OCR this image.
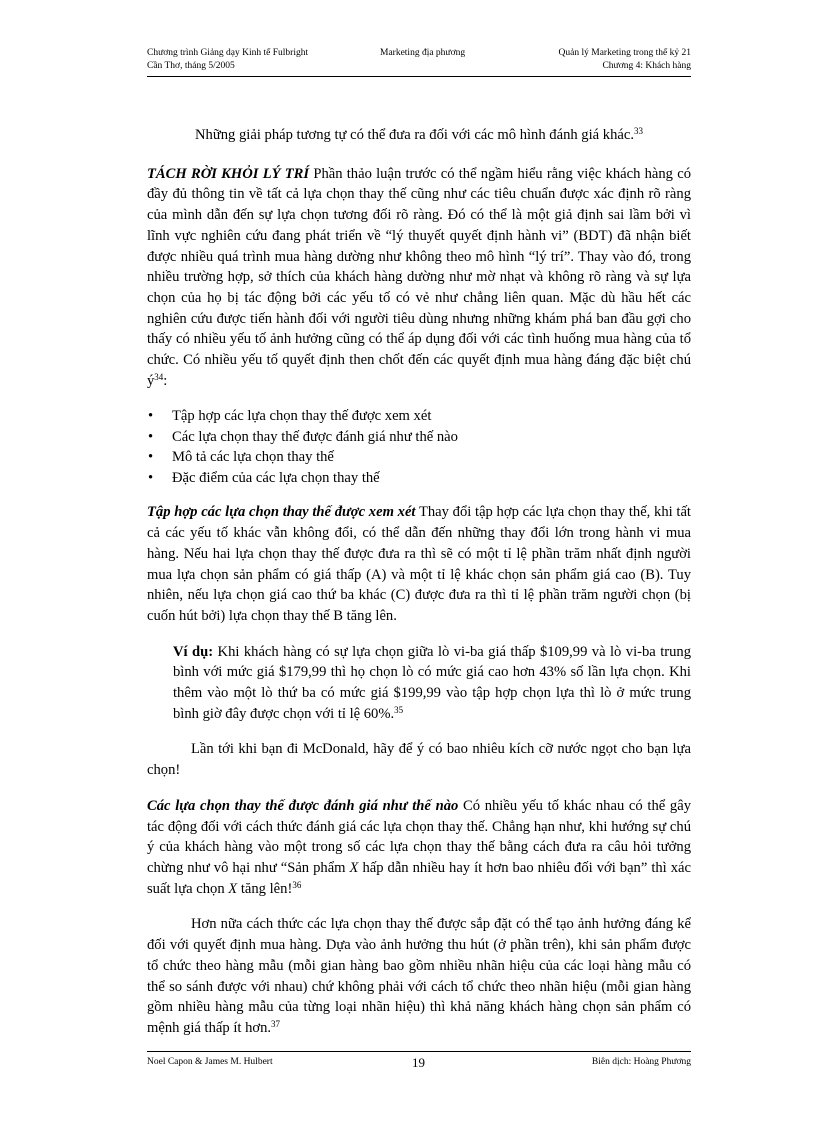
Chương trình Giảng dạy Kinh tế Fulbright
Cần Thơ, tháng 5/2005
Marketing địa phương	Quản lý Marketing trong thế kỷ 21
Chương 4: Khách hàng

Những giải pháp tương tự có thể đưa ra đối với các mô hình đánh giá khác.$^{33}$

TÁCH RỜI KHỎI LÝ TRÍ Phần thảo luận trước có thể ngầm hiểu rằng việc khách hàng có đầy đủ thông tin về tất cả lựa chọn thay thế cũng như các tiêu chuẩn được xác định rõ ràng của mình dẫn đến sự lựa chọn tương đối rõ ràng. Đó có thể là một giả định sai lầm bởi vì lĩnh vực nghiên cứu đang phát triển về “lý thuyết quyết định hành vi” (BDT) đã nhận biết được nhiều quá trình mua hàng dường như không theo mô hình “lý trí”. Thay vào đó, trong nhiều trường hợp, sở thích của khách hàng dường như mờ nhạt và không rõ ràng và sự lựa chọn của họ bị tác động bởi các yếu tố có vẻ như chẳng liên quan. Mặc dù hầu hết các nghiên cứu được tiến hành đối với người tiêu dùng nhưng những khám phá ban đầu gợi cho thấy có nhiều yếu tố ảnh hưởng cũng có thể áp dụng đối với các tình huống mua hàng của tổ chức. Có nhiều yếu tố quyết định then chốt đến các quyết định mua hàng đáng đặc biệt chú $ý^{34}$:

• Tập hợp các lựa chọn thay thế được xem xét
• Các lựa chọn thay thế được đánh giá như thế nào
• Mô tả các lựa chọn thay thế
• Đặc điểm của các lựa chọn thay thế

Tập hợp các lựa chọn thay thế được xem xét Thay đổi tập hợp các lựa chọn thay thế, khi tất cả các yếu tố khác vẫn không đổi, có thể dẫn đến những thay đổi lớn trong hành vi mua hàng. Nếu hai lựa chọn thay thế được đưa ra thì sẽ có một tỉ lệ phần trăm nhất định người mua lựa chọn sản phẩm có giá thấp (A) và một tỉ lệ khác chọn sản phẩm giá cao (B). Tuy nhiên, nếu lựa chọn giá cao thứ ba khác (C) được đưa ra thì tỉ lệ phần trăm người chọn (bị cuốn hút bởi) lựa chọn thay thế B tăng lên.

Ví dụ: Khi khách hàng có sự lựa chọn giữa lò vi-ba giá thấp $109,99 và lò vi-ba trung bình với mức giá $179,99 thì họ chọn lò có mức giá cao hơn 43% số lần lựa chọn. Khi thêm vào một lò thứ ba có mức giá $199,99 vào tập hợp chọn lựa thì lò ở mức trung bình giờ đây được chọn với tỉ lệ 60%.$^{35}$

Lần tới khi bạn đi McDonald, hãy để ý có bao nhiêu kích cỡ nước ngọt cho bạn lựa chọn!

Các lựa chọn thay thế được đánh giá như thế nào Có nhiều yếu tố khác nhau có thể gây tác động đối với cách thức đánh giá các lựa chọn thay thế. Chẳng hạn như, khi hướng sự chú ý của khách hàng vào một trong số các lựa chọn thay thế bằng cách đưa ra câu hỏi tưởng chừng như vô hại như “Sản phẩm X hấp dẫn nhiều hay ít hơn bao nhiêu đối với bạn” thì xác suất lựa chọn X tăng lên!$^{36}$

Hơn nữa cách thức các lựa chọn thay thế được sắp đặt có thể tạo ảnh hưởng đáng kể đối với quyết định mua hàng. Dựa vào ảnh hưởng thu hút (ở phần trên), khi sản phẩm được tổ chức theo hàng mẫu (mỗi gian hàng bao gồm nhiều nhãn hiệu của các loại hàng mẫu có thể so sánh được với nhau) chứ không phải với cách tổ chức theo nhãn hiệu (mỗi gian hàng gồm nhiều hàng mẫu của từng loại nhãn hiệu) thì khả năng khách hàng chọn sản phẩm có mệnh giá thấp ít hơn.$^{37}$

Noel Capon & James M. Hulbert	19	Biên dịch: Hoàng Phương
